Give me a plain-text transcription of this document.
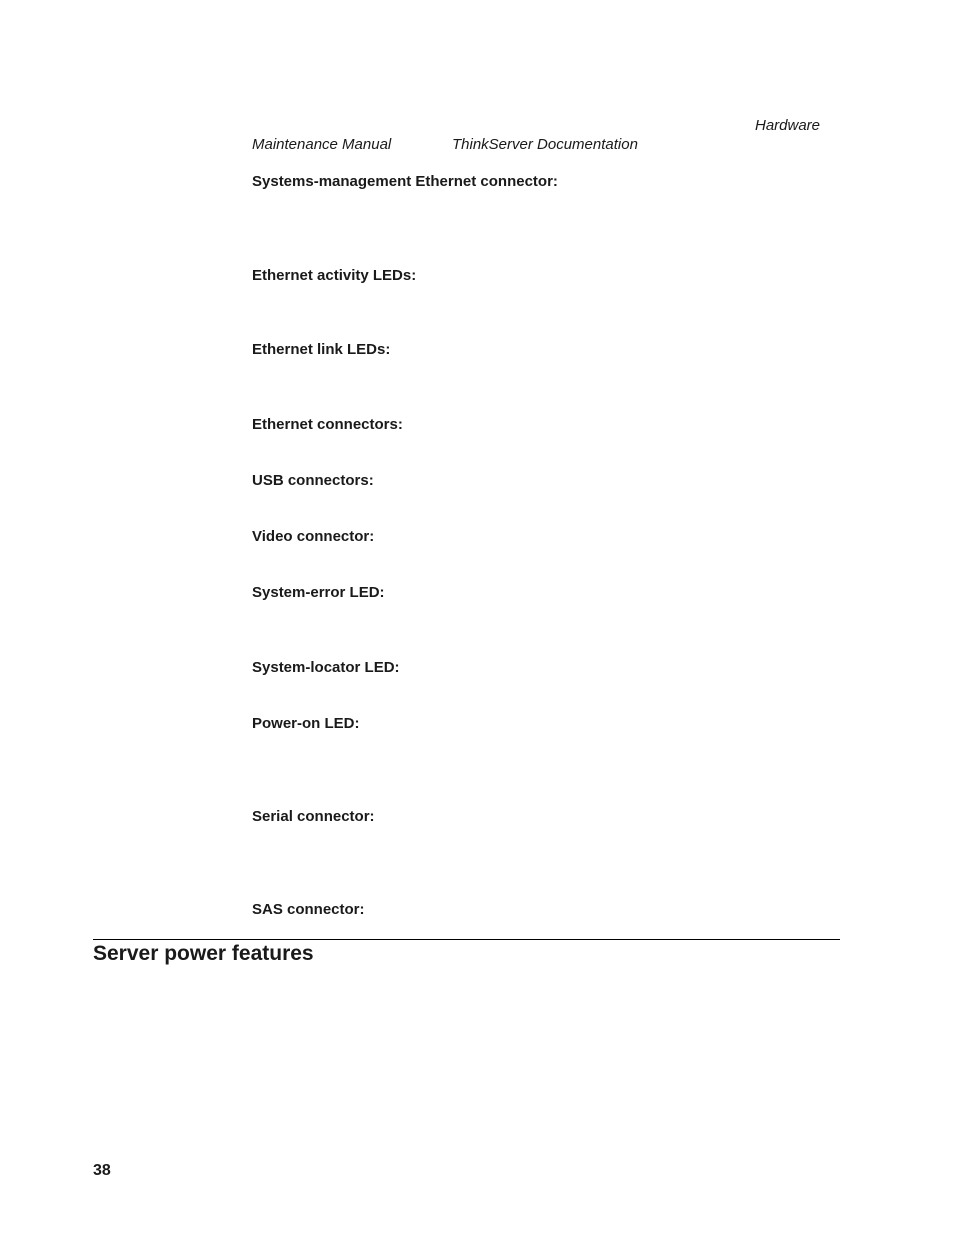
Hardware
Maintenance Manual	ThinkServer Documentation
Systems-management Ethernet connector:
Ethernet activity LEDs:
Ethernet link LEDs:
Ethernet connectors:
USB connectors:
Video connector:
System-error LED:
System-locator LED:
Power-on LED:
Serial connector:
SAS connector:
Server power features
38
